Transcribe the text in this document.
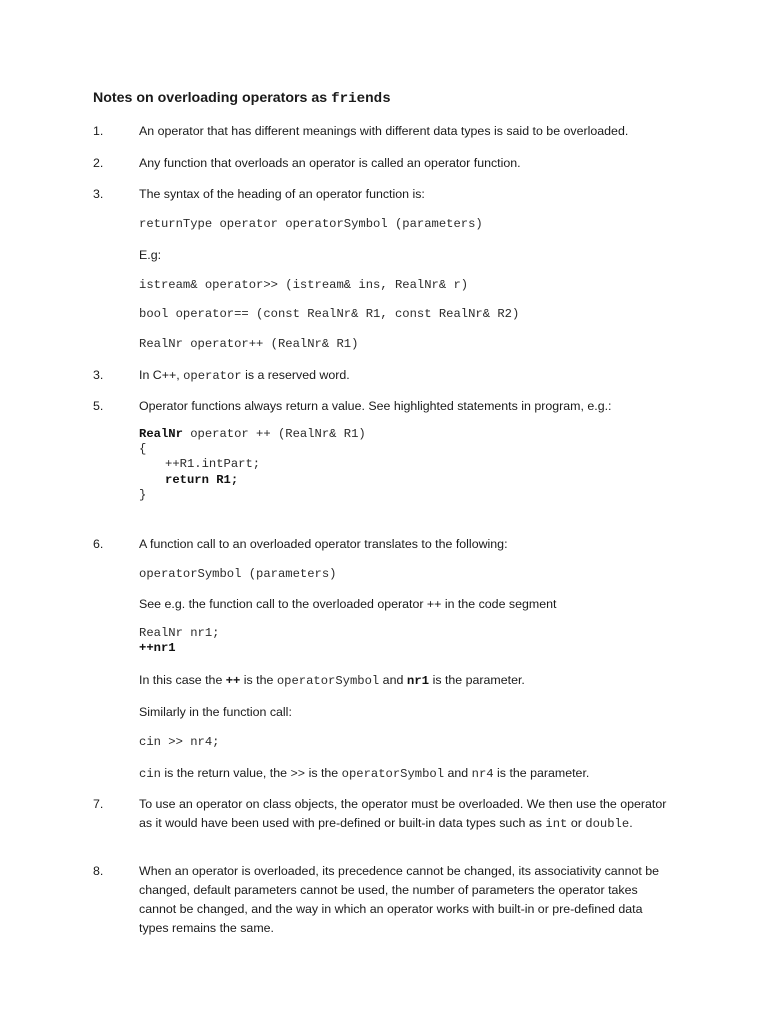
Notes on overloading operators as friends
1.	An operator that has different meanings with different data types is said to be overloaded.
2.	Any function that overloads an operator is called an operator function.
3.	The syntax of the heading of an operator function is:
returnType operator operatorSymbol (parameters)
E.g:
istream& operator>> (istream& ins, RealNr& r)
bool operator== (const RealNr& R1, const RealNr& R2)
RealNr operator++ (RealNr& R1)
3.	In C++, operator is a reserved word.
5.	Operator functions always return a value. See highlighted statements in program, e.g.:
RealNr operator ++ (RealNr& R1)
{
++R1.intPart;
return R1;
}
6.	A function call to an overloaded operator translates to the following:
operatorSymbol (parameters)
See e.g. the function call to the overloaded operator ++ in the code segment
RealNr nr1;
++nr1
In this case the ++ is the operatorSymbol and nr1 is the parameter.
Similarly in the function call:
cin >> nr4;
cin is the return value, the >> is the operatorSymbol and nr4 is the parameter.
7.	To use an operator on class objects, the operator must be overloaded. We then use the operator as it would have been used with pre-defined or built-in data types such as int or double.
8.	When an operator is overloaded, its precedence cannot be changed, its associativity cannot be changed, default parameters cannot be used, the number of parameters the operator takes cannot be changed, and the way in which an operator works with built-in or pre-defined data types remains the same.
